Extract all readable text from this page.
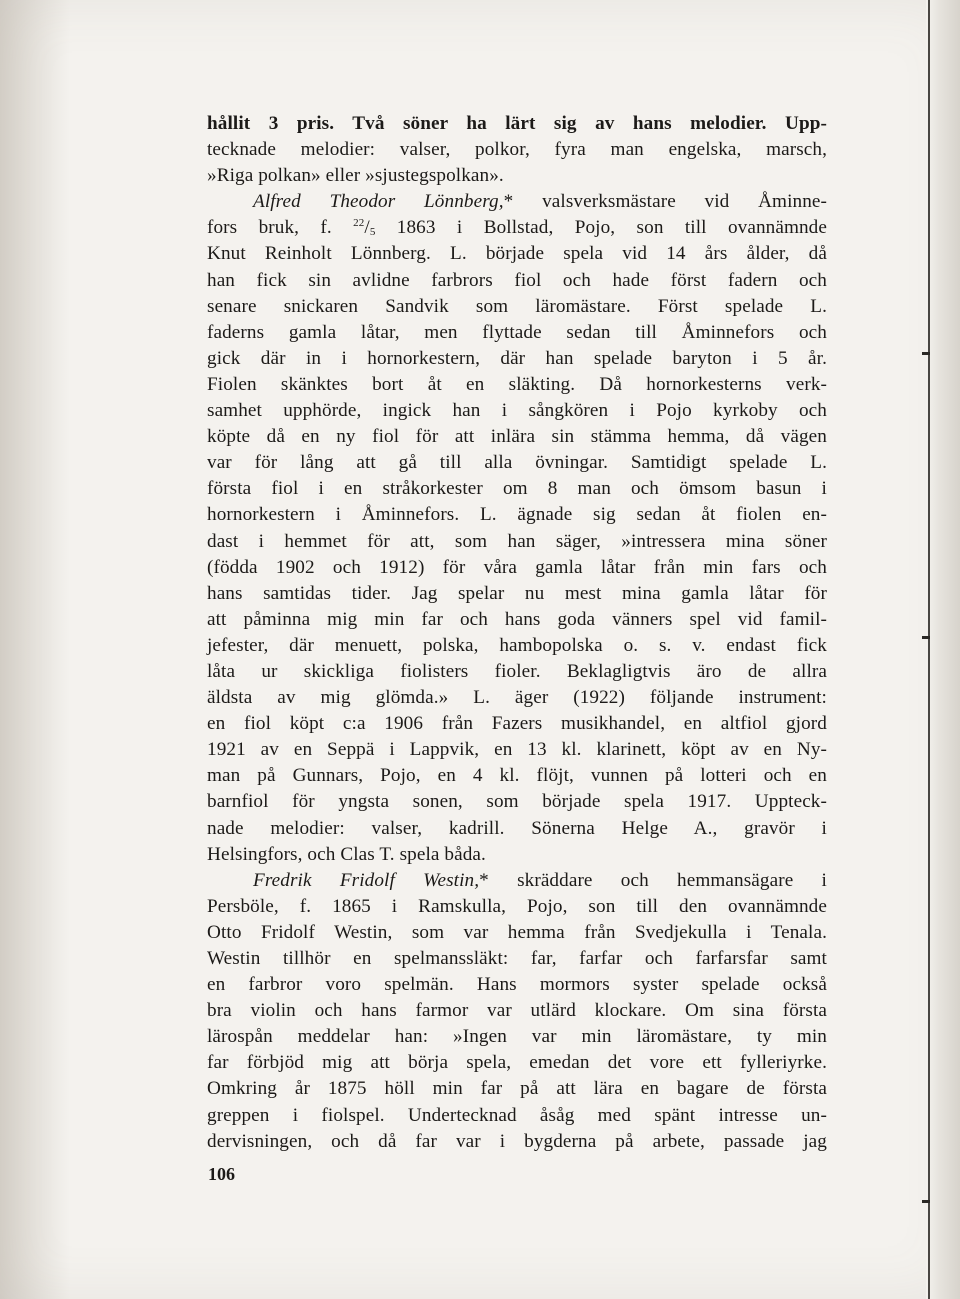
hållit 3 pris. Två söner ha lärt sig av hans melodier. Upp-
tecknade melodier: valser, polkor, fyra man engelska, marsch,
»Riga polkan» eller »sjustegspolkan».
Alfred Theodor Lönnberg,* valsverksmästare vid Åminne-
fors bruk, f. $^{22}/_5$ 1863 i Bollstad, Pojo, son till ovannämnde
Knut Reinholt Lönnberg. L. började spela vid 14 års ålder, då
han fick sin avlidne farbrors fiol och hade först fadern och
senare snickaren Sandvik som läromästare. Först spelade L.
faderns gamla låtar, men flyttade sedan till Åminnefors och
gick där in i hornorkestern, där han spelade baryton i 5 år.
Fiolen skänktes bort åt en släkting. Då hornorkesterns verk-
samhet upphörde, ingick han i sångkören i Pojo kyrkoby och
köpte då en ny fiol för att inlära sin stämma hemma, då vägen
var för lång att gå till alla övningar. Samtidigt spelade L.
första fiol i en stråkorkester om 8 man och ömsom basun i
hornorkestern i Åminnefors. L. ägnade sig sedan åt fiolen en-
dast i hemmet för att, som han säger, »intressera mina söner
(födda 1902 och 1912) för våra gamla låtar från min fars och
hans samtidas tider. Jag spelar nu mest mina gamla låtar för
att påminna mig min far och hans goda vänners spel vid famil-
jefester, där menuett, polska, hambopolska o. s. v. endast fick
låta ur skickliga fiolisters fioler. Beklagligtvis äro de allra
äldsta av mig glömda.» L. äger (1922) följande instrument:
en fiol köpt c:a 1906 från Fazers musikhandel, en altfiol gjord
1921 av en Seppä i Lappvik, en 13 kl. klarinett, köpt av en Ny-
man på Gunnars, Pojo, en 4 kl. flöjt, vunnen på lotteri och en
barnfiol för yngsta sonen, som började spela 1917. Uppteck-
nade melodier: valser, kadrill. Sönerna Helge A., gravör i
Helsingfors, och Clas T. spela båda.
Fredrik Fridolf Westin,* skräddare och hemmansägare i
Persböle, f. 1865 i Ramskulla, Pojo, son till den ovannämnde
Otto Fridolf Westin, som var hemma från Svedjekulla i Tenala.
Westin tillhör en spelmanssläkt: far, farfar och farfarsfar samt
en farbror voro spelmän. Hans mormors syster spelade också
bra violin och hans farmor var utlärd klockare. Om sina första
lärospån meddelar han: »Ingen var min läromästare, ty min
far förbjöd mig att börja spela, emedan det vore ett fylleriyrke.
Omkring år 1875 höll min far på att lära en bagare de första
greppen i fiolspel. Undertecknad åsåg med spänt intresse un-
dervisningen, och då far var i bygderna på arbete, passade jag
106
